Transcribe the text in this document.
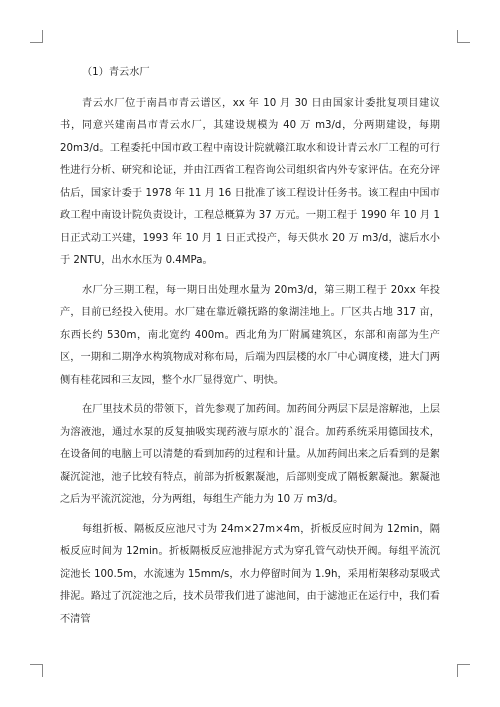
（1）青云水厂

青云水厂位于南昌市青云谱区，xx 年 10 月 30 日由国家计委批复项目建议书，同意兴建南昌市青云水厂，其建设规模为 40 万 m3/d，分两期建设，每期 20m3/d。工程委托中国市政工程中南设计院就赣江取水和设计青云水厂工程的可行性进行分析、研究和论证，并由江西省工程咨询公司组织省内外专家评估。在充分评估后，国家计委于 1978 年 11 月 16 日批准了该工程设计任务书。该工程由中国市政工程中南设计院负责设计，工程总概算为 37 万元。一期工程于 1990 年 10 月 1 日正式动工兴建，1993 年 10 月 1 日正式投产，每天供水 20 万 m3/d，滤后水小于 2NTU，出水水压为 0.4MPa。

水厂分三期工程，每一期日出处理水量为 20m3/d，第三期工程于 20xx 年投产，目前已经投入使用。水厂建在靠近赣抚路的象湖洼地上。厂区共占地 317 亩，东西长约 530m，南北宽约 400m。西北角为厂附属建筑区，东部和南部为生产区，一期和二期净水构筑物成对称布局，后端为四层楼的水厂中心调度楼，进大门两侧有桂花园和三友园，整个水厂显得宽广、明快。

在厂里技术员的带领下，首先参观了加药间。加药间分两层下层是溶解池，上层为溶液池，通过水泵的反复抽吸实现药液与原水的`混合。加药系统采用德国技术，在设备间的电脑上可以清楚的看到加药的过程和计量。从加药间出来之后看到的是絮凝沉淀池，池子比较有特点，前部为折板絮凝池，后部则变成了隔板絮凝池。絮凝池之后为平流沉淀池，分为两组，每组生产能力为 10 万 m3/d。

每组折板、隔板反应池尺寸为 24m×27m×4m，折板反应时间为 12min，隔板反应时间为 12min。折板隔板反应池排泥方式为穿孔管气动快开阀。每组平流沉淀池长 100.5m，水流速为 15mm/s，水力停留时间为 1.9h，采用桁架移动泵吸式排泥。路过了沉淀池之后，技术员带我们进了滤池间，由于滤池正在运行中，我们看不清管
